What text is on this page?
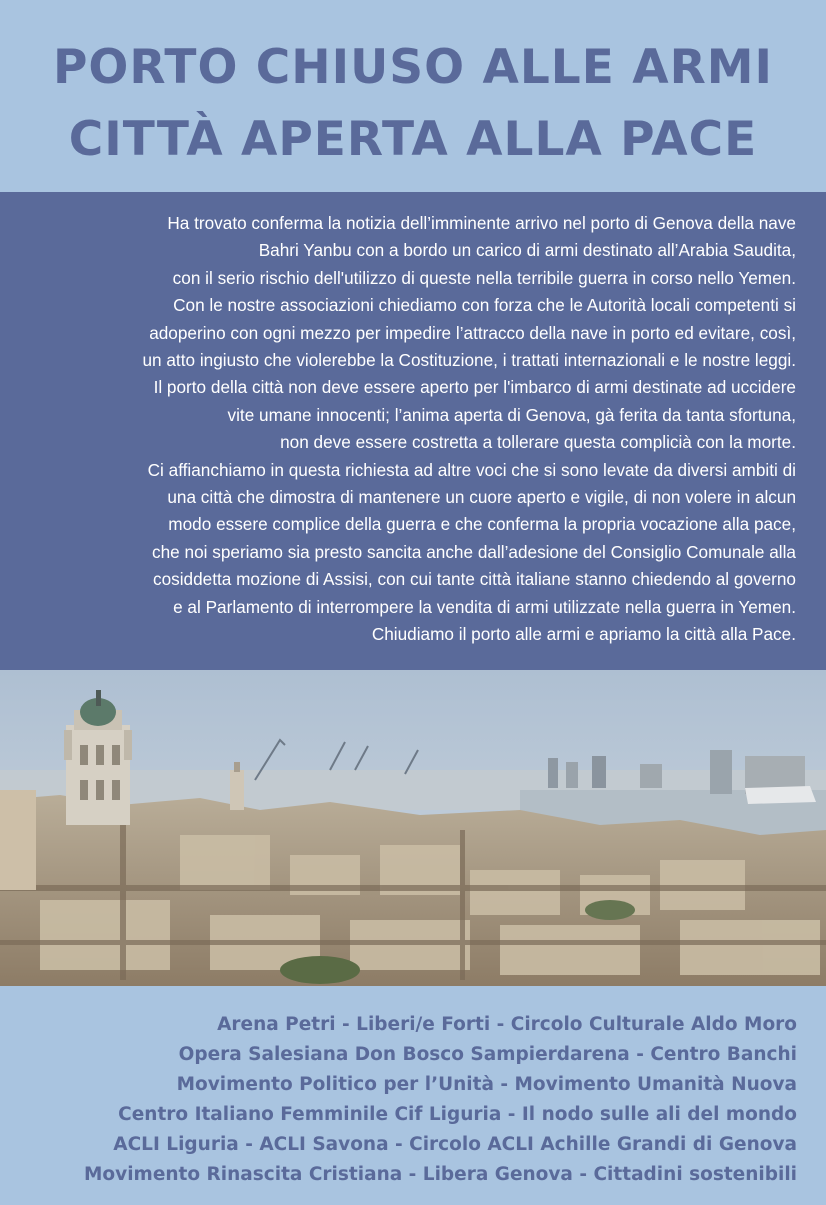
PORTO CHIUSO ALLE ARMI
CITTÀ APERTA ALLA PACE
Ha trovato conferma la notizia dell’imminente arrivo nel porto di Genova della nave
Bahri Yanbu con a bordo un carico di armi destinato all’Arabia Saudita,
con il serio rischio dell'utilizzo di queste nella terribile guerra in corso nello Yemen.
Con le nostre associazioni chiediamo con forza che le Autorità locali competenti si
adoperino con ogni mezzo per impedire l’attracco della nave in porto ed evitare, così,
un atto ingiusto che violerebbe la Costituzione, i trattati internazionali e le nostre leggi.
Il porto della città non deve essere aperto per l'imbarco di armi destinate ad uccidere
vite umane innocenti; l’anima aperta di Genova, gà ferita da tanta sfortuna,
non deve essere costretta a tollerare questa complicià con la morte.
Ci affianchiamo in questa richiesta ad altre voci che si sono levate da diversi ambiti di
una città che dimostra di mantenere un cuore aperto e vigile, di non volere in alcun
modo essere complice della guerra e che conferma la propria vocazione alla pace,
che noi speriamo sia presto sancita anche dall’adesione del Consiglio Comunale alla
cosiddetta mozione di Assisi, con cui tante città italiane stanno chiedendo al governo
e al Parlamento di interrompere la vendita di armi utilizzate nella guerra in Yemen.
Chiudiamo il porto alle armi e apriamo la città alla Pace.
Arena Petri - Liberi/e Forti - Circolo Culturale Aldo Moro
Opera Salesiana Don Bosco Sampierdarena - Centro Banchi
Movimento Politico per l’Unità - Movimento Umanità Nuova
Centro Italiano Femminile Cif Liguria - Il nodo sulle ali del mondo
ACLI Liguria - ACLI Savona - Circolo ACLI Achille Grandi di Genova
Movimento Rinascita Cristiana - Libera Genova - Cittadini sostenibili
